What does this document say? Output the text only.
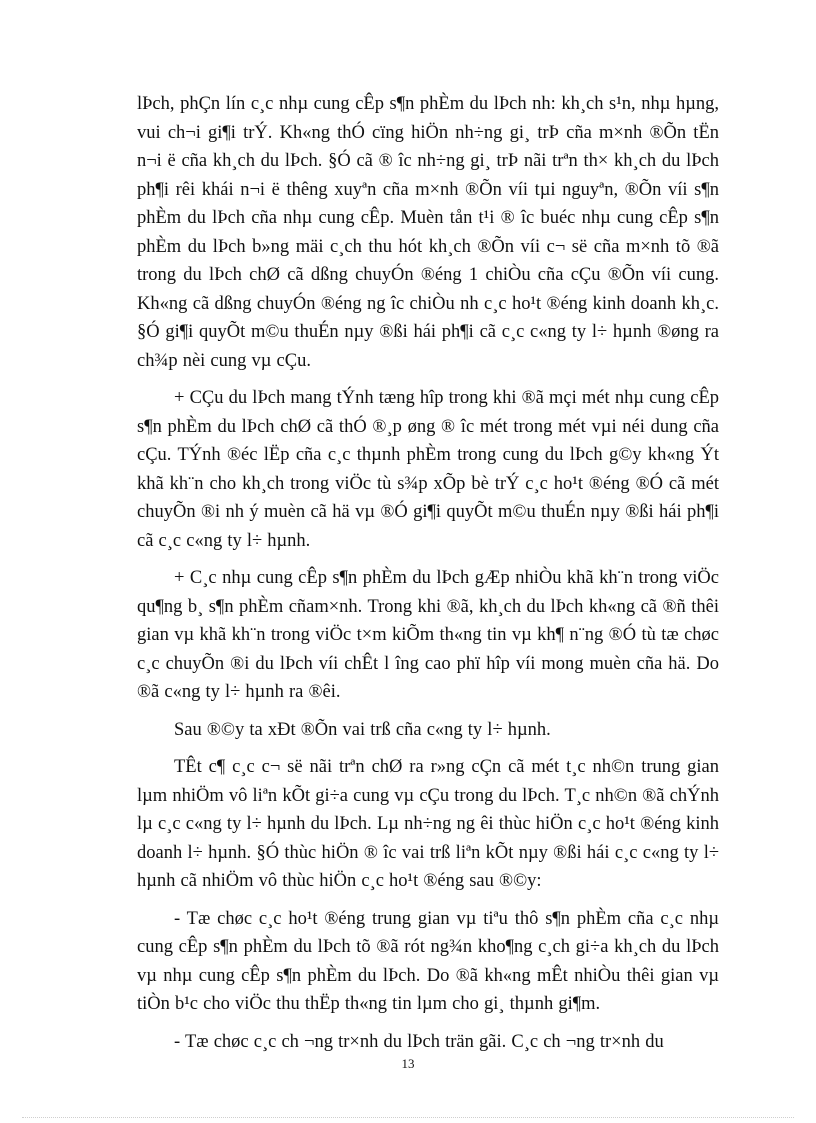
lÞch, phÇn lín c¸c nhµ cung cÊp s¶n phÈm du lÞch nh: kh¸ch s¹n, nhµ hµng, vui ch¬i gi¶i trÝ. Kh«ng thÓ cïng hiÖn nh÷ng gi¸ trÞ cña m×nh ®Õn tËn n¬i ë cña kh¸ch du lÞch. §Ó cã ® îc nh÷ng gi¸ trÞ nãi trªn th× kh¸ch du lÞch ph¶i rêi khái n¬i ë thêng xuyªn cña m×nh ®Õn víi tµi nguyªn, ®Õn víi s¶n phÈm du lÞch cña nhµ cung cÊp. Muèn tån t¹i ® îc buéc nhµ cung cÊp s¶n phÈm du lÞch b»ng mäi c¸ch thu hót kh¸ch ®Õn víi c¬ së cña m×nh tõ ®ã trong du lÞch chØ cã dßng chuyÓn ®éng 1 chiÒu cña cÇu ®Õn víi cung. Kh«ng cã dßng chuyÓn ®éng ng îc chiÒu nh c¸c ho¹t ®éng kinh doanh kh¸c. §Ó gi¶i quyÕt m©u thuÉn nµy ®ßi hái ph¶i cã c¸c c«ng ty l÷ hµnh ®øng ra ch¾p nèi cung vµ cÇu.

+ CÇu du lÞch mang tÝnh tæng hîp trong khi ®ã mçi mét nhµ cung cÊp s¶n phÈm du lÞch chØ cã thÓ ®¸p øng ® îc mét trong mét vµi néi dung cña cÇu. TÝnh ®éc lËp cña c¸c thµnh phÈm trong cung du lÞch g©y kh«ng Ýt khã kh¨n cho kh¸ch trong viÖc tù s¾p xÕp bè trÝ c¸c ho¹t ®éng ®Ó cã mét chuyÕn ®i nh ý muèn cã hä vµ ®Ó gi¶i quyÕt m©u thuÉn nµy ®ßi hái ph¶i cã c¸c c«ng ty l÷ hµnh.

+ C¸c nhµ cung cÊp s¶n phÈm du lÞch gÆp nhiÒu khã kh¨n trong viÖc qu¶ng b¸ s¶n phÈm cñam×nh. Trong khi ®ã, kh¸ch du lÞch kh«ng cã ®ñ thêi gian vµ khã kh¨n trong viÖc t×m kiÕm th«ng tin vµ kh¶ n¨ng ®Ó tù tæ chøc c¸c chuyÕn ®i du lÞch víi chÊt l îng cao phï hîp víi mong muèn cña hä. Do ®ã c«ng ty l÷ hµnh ra ®êi.

Sau ®©y ta xÐt ®Õn vai trß cña c«ng ty l÷ hµnh.

TÊt c¶ c¸c c¬ së nãi trªn chØ ra r»ng cÇn cã mét t¸c nh©n trung gian lµm nhiÖm vô liªn kÕt gi÷a cung vµ cÇu trong du lÞch. T¸c nh©n ®ã chÝnh lµ c¸c c«ng ty l÷ hµnh du lÞch. Lµ nh÷ng ng êi thùc hiÖn c¸c ho¹t ®éng kinh doanh l÷ hµnh. §Ó thùc hiÖn ® îc vai trß liªn kÕt nµy ®ßi hái c¸c c«ng ty l÷ hµnh cã nhiÖm vô thùc hiÖn c¸c ho¹t ®éng sau ®©y:

- Tæ chøc c¸c ho¹t ®éng trung gian vµ tiªu thô s¶n phÈm cña c¸c nhµ cung cÊp s¶n phÈm du lÞch tõ ®ã rót ng¾n kho¶ng c¸ch gi÷a kh¸ch du lÞch vµ nhµ cung cÊp s¶n phÈm du lÞch. Do ®ã kh«ng mÊt nhiÒu thêi gian vµ tiÒn b¹c cho viÖc thu thËp th«ng tin lµm cho gi¸ thµnh gi¶m.

- Tæ chøc c¸c ch ¬ng tr×nh du lÞch trän gãi. C¸c ch ¬ng tr×nh du

13
